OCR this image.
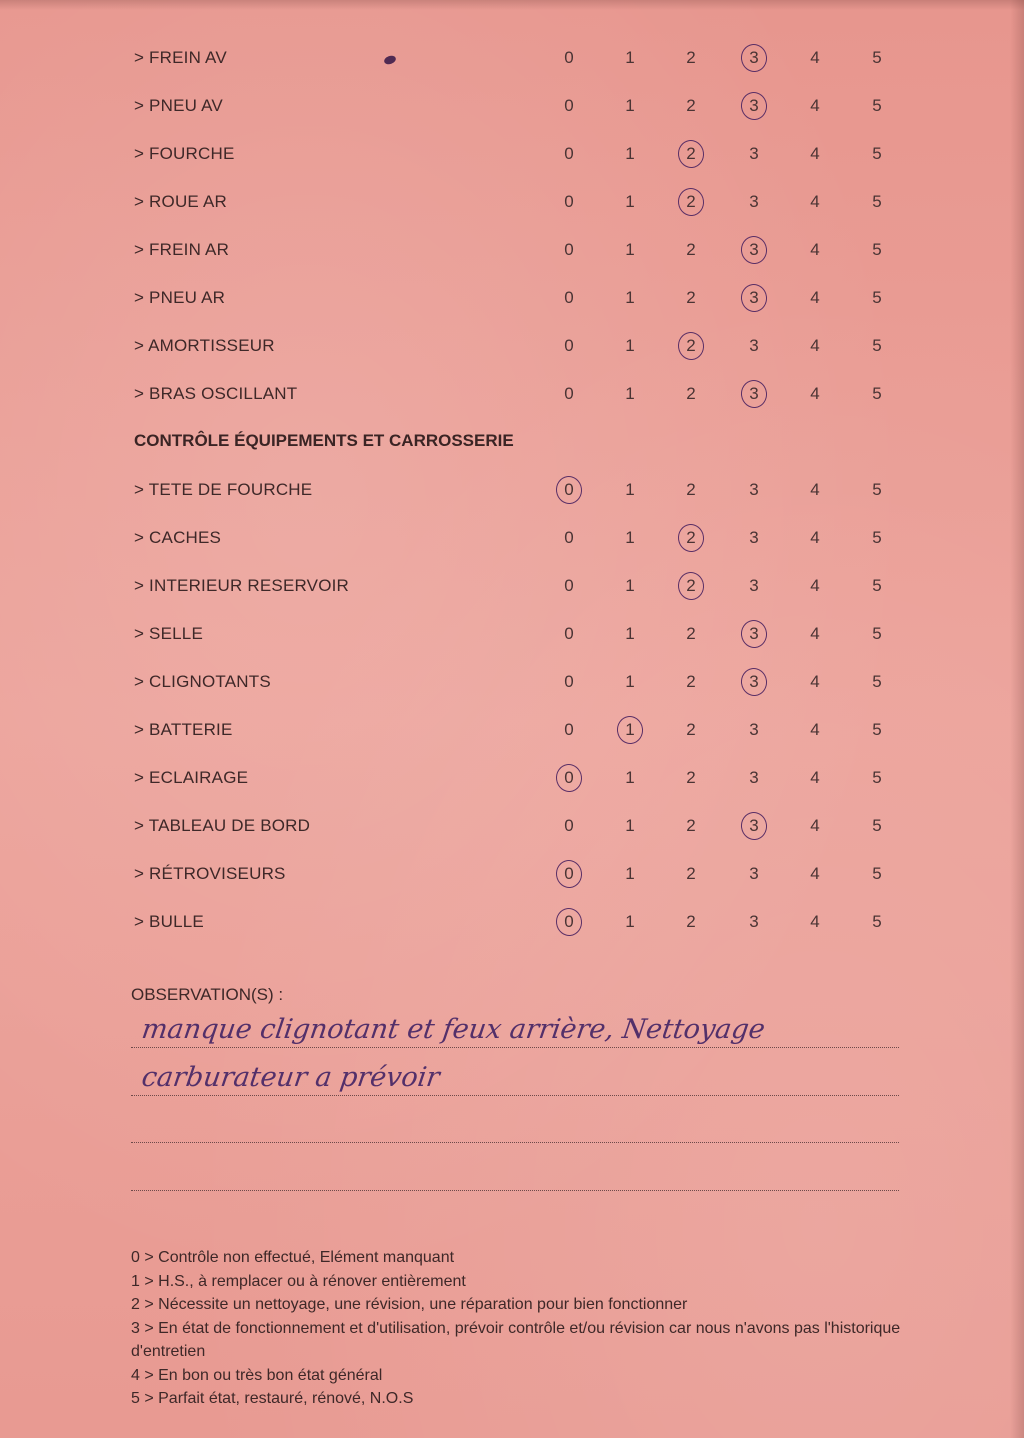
> FREIN AV	0	1	2	3	4	5
> PNEU AV	0	1	2	3	4	5
> FOURCHE	0	1	2	3	4	5
> ROUE AR	0	1	2	3	4	5
> FREIN AR	0	1	2	3	4	5
> PNEU AR	0	1	2	3	4	5
> AMORTISSEUR	0	1	2	3	4	5
> BRAS OSCILLANT	0	1	2	3	4	5
CONTRÔLE ÉQUIPEMENTS ET CARROSSERIE
> TETE DE FOURCHE	0	1	2	3	4	5
> CACHES	0	1	2	3	4	5
> INTERIEUR RESERVOIR	0	1	2	3	4	5
> SELLE	0	1	2	3	4	5
> CLIGNOTANTS	0	1	2	3	4	5
> BATTERIE	0	1	2	3	4	5
> ECLAIRAGE	0	1	2	3	4	5
> TABLEAU DE BORD	0	1	2	3	4	5
> RÉTROVISEURS	0	1	2	3	4	5
> BULLE	0	1	2	3	4	5
OBSERVATION(S) :
manque clignotant et feux arrière, Nettoyage
carburateur a prévoir
0 > Contrôle non effectué, Elément manquant
1 > H.S., à remplacer ou à rénover entièrement
2 > Nécessite un nettoyage, une révision, une réparation pour bien fonctionner
3 > En état de fonctionnement et d'utilisation, prévoir contrôle et/ou révision car nous n'avons pas l'historique d'entretien
4 > En bon ou très bon état général
5 > Parfait état, restauré, rénové, N.O.S
